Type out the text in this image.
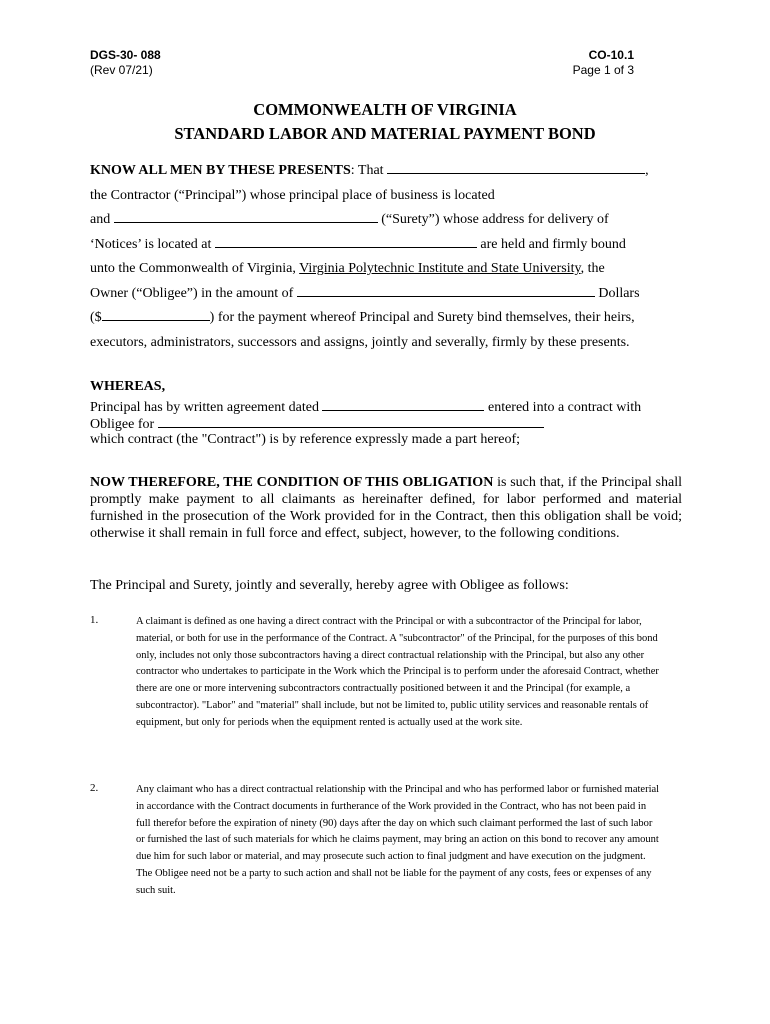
DGS-30- 088
(Rev 07/21)
CO-10.1
Page 1 of 3
COMMONWEALTH OF VIRGINIA
STANDARD LABOR AND MATERIAL PAYMENT BOND
KNOW ALL MEN BY THESE PRESENTS: That	,
the Contractor (“Principal”) whose principal place of business is located
and	(“Surety”) whose address for delivery of
‘Notices’ is located at	are held and firmly bound
unto the Commonwealth of Virginia, Virginia Polytechnic Institute and State University, the
Owner (“Obligee”) in the amount of	Dollars
($	) for the payment whereof Principal and Surety bind themselves, their heirs,
executors, administrators, successors and assigns, jointly and severally, firmly by these presents.
WHEREAS,
Principal has by written agreement dated	entered into a contract with
Obligee for
which contract (the "Contract") is by reference expressly made a part hereof;
NOW THEREFORE, THE CONDITION OF THIS OBLIGATION is such that, if the Principal shall promptly make payment to all claimants as hereinafter defined, for labor performed and material furnished in the prosecution of the Work provided for in the Contract, then this obligation shall be void; otherwise it shall remain in full force and effect, subject, however, to the following conditions.
The Principal and Surety, jointly and severally, hereby agree with Obligee as follows:
1.	A claimant is defined as one having a direct contract with the Principal or with a subcontractor of the Principal for labor, material, or both for use in the performance of the Contract. A "subcontractor" of the Principal, for the purposes of this bond only, includes not only those subcontractors having a direct contractual relationship with the Principal, but also any other contractor who undertakes to participate in the Work which the Principal is to perform under the aforesaid Contract, whether there are one or more intervening subcontractors contractually positioned between it and the Principal (for example, a subcontractor). "Labor" and "material" shall include, but not be limited to, public utility services and reasonable rentals of equipment, but only for periods when the equipment rented is actually used at the work site.
2.	Any claimant who has a direct contractual relationship with the Principal and who has performed labor or furnished material in accordance with the Contract documents in furtherance of the Work provided in the Contract, who has not been paid in full therefor before the expiration of ninety (90) days after the day on which such claimant performed the last of such labor or furnished the last of such materials for which he claims payment, may bring an action on this bond to recover any amount due him for such labor or material, and may prosecute such action to final judgment and have execution on the judgment. The Obligee need not be a party to such action and shall not be liable for the payment of any costs, fees or expenses of any such suit.
